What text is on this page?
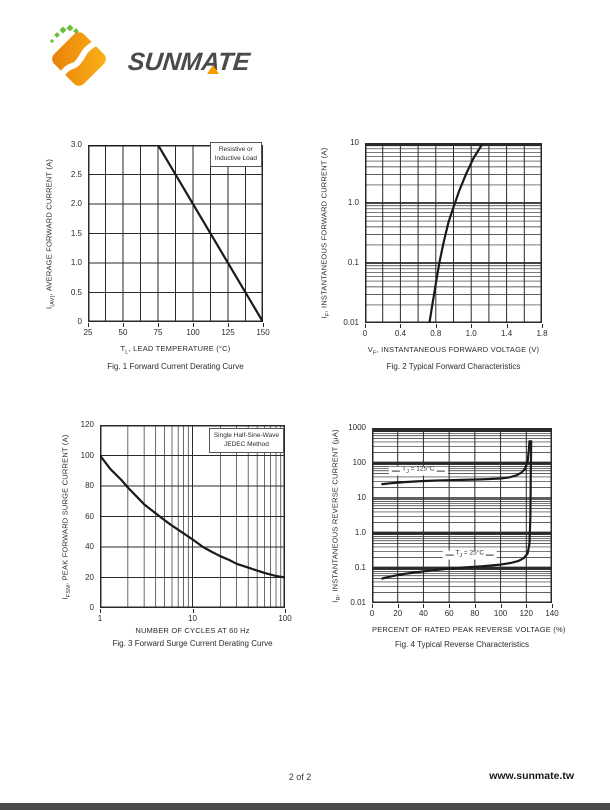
SUNMATE
$I_{(AV)}$, AVERAGE FORWARD CURRENT (A)
$T_L$, LEAD TEMPERATURE (°C)
Fig. 1 Forward Current Derating Curve
25	50	75	100	125	150
0
0.5
1.0
1.5
2.0
2.5
3.0
Resistive or
Inductive Load
$I_F$, INSTANTANEOUS FORWARD CURRENT (A)
$V_F$, INSTANTANEOUS FORWARD VOLTAGE (V)
Fig. 2 Typical Forward Characteristics
0	0.4	0.8	1.0	1.4	1.8
0.01
0.1
1.0
10
$I_{FSM}$, PEAK FORWARD SURGE CURRENT (A)
NUMBER OF CYCLES AT 60 Hz
Fig. 3 Forward Surge Current Derating Curve
1	10	100
0
20
40
60
80
100
120
Single Half-Sine-Wave
JEDEC Method
$I_R$, INSTANTANEOUS REVERSE CURRENT (μA)
PERCENT OF RATED PEAK REVERSE VOLTAGE (%)
Fig. 4 Typical Reverse Characteristics
0 20 40 60 80 100 120 140
0.01
0.1
1.0
10
100
1000
$T_J = 125^\circ C$
$T_J = 25^\circ C$
2 of 2	www.sunmate.tw
